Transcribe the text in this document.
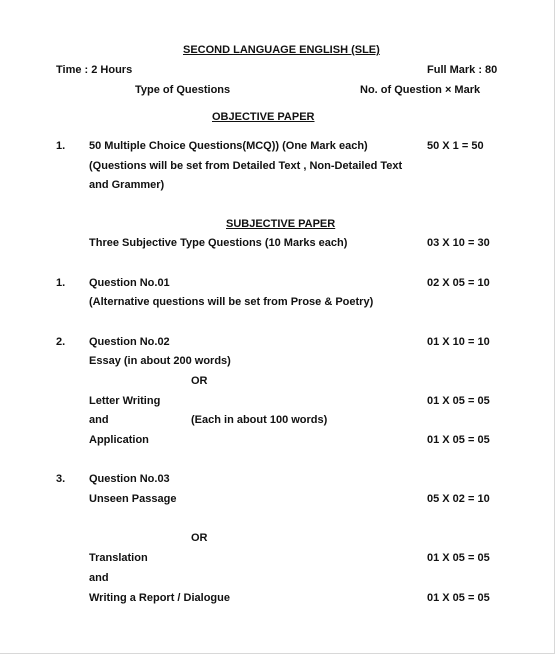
SECOND LANGUAGE ENGLISH (SLE)
Time : 2 Hours	Full Mark : 80
Type of Questions	No. of Question × Mark
OBJECTIVE PAPER
1. 50 Multiple Choice Questions(MCQ)) (One Mark each)	50 X 1 = 50
(Questions will be set from Detailed Text , Non-Detailed Text
and Grammer)
SUBJECTIVE PAPER
Three Subjective Type Questions (10 Marks each)	03 X 10 = 30
1. Question No.01	02 X 05 = 10
(Alternative questions will be set from Prose & Poetry)
2. Question No.02	01 X 10 = 10
Essay (in about 200 words)
OR
Letter Writing	01 X 05 = 05
and	(Each in about 100 words)
Application	01 X 05 = 05
3. Question No.03
Unseen Passage	05 X 02 = 10
OR
Translation	01 X 05 = 05
and
Writing a Report / Dialogue	01 X 05 = 05
